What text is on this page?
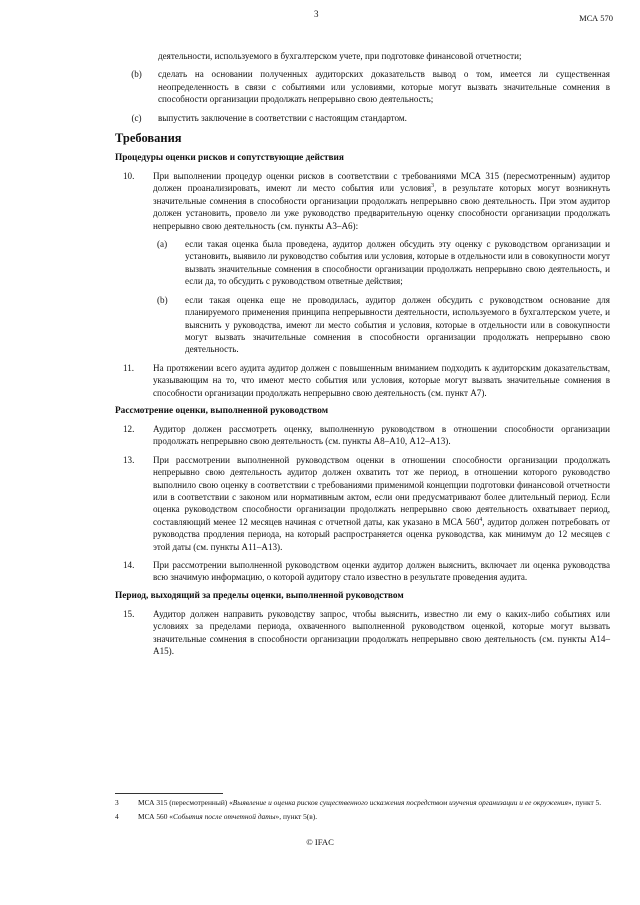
3	МСА 570
деятельности, используемого в бухгалтерском учете, при подготовке финансовой отчетности;
(b)	сделать на основании полученных аудиторских доказательств вывод о том, имеется ли существенная неопределенность в связи с событиями или условиями, которые могут вызвать значительные сомнения в способности организации продолжать непрерывно свою деятельность;
(с)	выпустить заключение в соответствии с настоящим стандартом.
Требования
Процедуры оценки рисков и сопутствующие действия
10.	При выполнении процедур оценки рисков в соответствии с требованиями МСА 315 (пересмотренным) аудитор должен проанализировать, имеют ли место события или условия$^3$, в результате которых могут возникнуть значительные сомнения в способности организации продолжать непрерывно свою деятельность. При этом аудитор должен установить, провело ли уже руководство предварительную оценку способности организации продолжать непрерывно свою деятельность (см. пункты А3–А6):
(а)	если такая оценка была проведена, аудитор должен обсудить эту оценку с руководством организации и установить, выявило ли руководство события или условия, которые в отдельности или в совокупности могут вызвать значительные сомнения в способности организации продолжать непрерывно свою деятельность, и если да, то обсудить с руководством ответные действия;
(b)	если такая оценка еще не проводилась, аудитор должен обсудить с руководством основание для планируемого применения принципа непрерывности деятельности, используемого в бухгалтерском учете, и выяснить у руководства, имеют ли место события и условия, которые в отдельности или в совокупности могут вызвать значительные сомнения в способности организации продолжать непрерывно свою деятельность.
11.	На протяжении всего аудита аудитор должен с повышенным вниманием подходить к аудиторским доказательствам, указывающим на то, что имеют место события или условия, которые могут вызвать значительные сомнения в способности организации продолжать непрерывно свою деятельность (см. пункт А7).
Рассмотрение оценки, выполненной руководством
12.	Аудитор должен рассмотреть оценку, выполненную руководством в отношении способности организации продолжать непрерывно свою деятельность (см. пункты А8–А10, А12–А13).
13.	При рассмотрении выполненной руководством оценки в отношении способности организации продолжать непрерывно свою деятельность аудитор должен охватить тот же период, в отношении которого руководство выполнило свою оценку в соответствии с требованиями применимой концепции подготовки финансовой отчетности или в соответствии с законом или нормативным актом, если они предусматривают более длительный период. Если оценка руководством способности организации продолжать непрерывно свою деятельность охватывает период, составляющий менее 12 месяцев начиная с отчетной даты, как указано в МСА $560^4$, аудитор должен потребовать от руководства продления периода, на который распространяется оценка руководства, как минимум до 12 месяцев с этой даты (см. пункты А11–А13).
14.	При рассмотрении выполненной руководством оценки аудитор должен выяснить, включает ли оценка руководства всю значимую информацию, о которой аудитору стало известно в результате проведения аудита.
Период, выходящий за пределы оценки, выполненной руководством
15.	Аудитор должен направить руководству запрос, чтобы выяснить, известно ли ему о каких-либо событиях или условиях за пределами периода, охваченного выполненной руководством оценкой, которые могут вызвать значительные сомнения в способности организации продолжать непрерывно свою деятельность (см. пункты А14–А15).
3	МСА 315 (пересмотренный) «Выявление и оценка рисков существенного искажения посредством изучения организации и ее окружения», пункт 5.
4	МСА 560 «События после отчетной даты», пункт 5(в).
© IFAC
